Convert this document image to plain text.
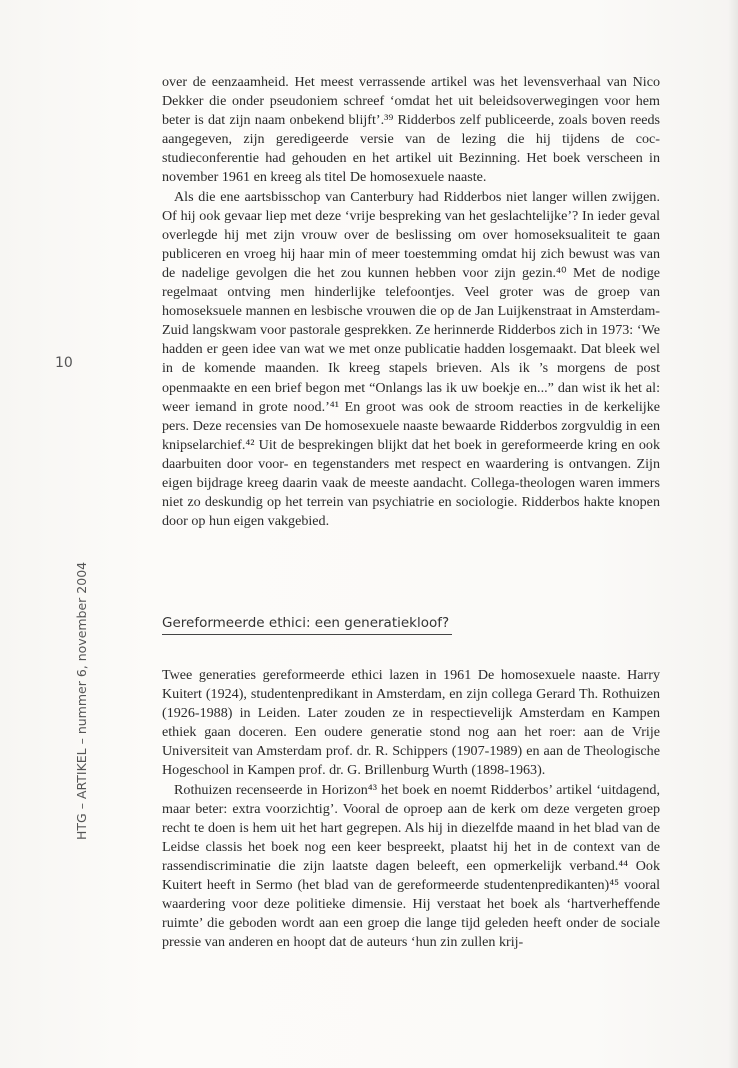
10
HTG – ARTIKEL – nummer 6, november 2004

over de eenzaamheid. Het meest verrassende artikel was het levensverhaal van Nico Dekker die onder pseudoniem schreef ‘omdat het uit beleidsoverwegingen voor hem beter is dat zijn naam onbekend blijft’.³⁹ Ridderbos zelf publiceerde, zoals boven reeds aangegeven, zijn geredigeerde versie van de lezing die hij tijdens de coc-studieconferentie had gehouden en het artikel uit Bezinning. Het boek verscheen in november 1961 en kreeg als titel De homosexuele naaste.

Als die ene aartsbisschop van Canterbury had Ridderbos niet langer willen zwijgen. Of hij ook gevaar liep met deze ‘vrije bespreking van het geslachtelijke’? In ieder geval overlegde hij met zijn vrouw over de beslissing om over homoseksualiteit te gaan publiceren en vroeg hij haar min of meer toestemming omdat hij zich bewust was van de nadelige gevolgen die het zou kunnen hebben voor zijn gezin.⁴⁰ Met de nodige regelmaat ontving men hinderlijke telefoontjes. Veel groter was de groep van homoseksuele mannen en lesbische vrouwen die op de Jan Luijkenstraat in Amsterdam-Zuid langskwam voor pastorale gesprekken. Ze herinnerde Ridderbos zich in 1973: ‘We hadden er geen idee van wat we met onze publicatie hadden losgemaakt. Dat bleek wel in de komende maanden. Ik kreeg stapels brieven. Als ik ’s morgens de post openmaakte en een brief begon met “Onlangs las ik uw boekje en...” dan wist ik het al: weer iemand in grote nood.’⁴¹ En groot was ook de stroom reacties in de kerkelijke pers. Deze recensies van De homosexuele naaste bewaarde Ridderbos zorgvuldig in een knipselarchief.⁴² Uit de besprekingen blijkt dat het boek in gereformeerde kring en ook daarbuiten door voor- en tegenstanders met respect en waardering is ontvangen. Zijn eigen bijdrage kreeg daarin vaak de meeste aandacht. Collega-theologen waren immers niet zo deskundig op het terrein van psychiatrie en sociologie. Ridderbos hakte knopen door op hun eigen vakgebied.

Gereformeerde ethici: een generatiekloof?

Twee generaties gereformeerde ethici lazen in 1961 De homosexuele naaste. Harry Kuitert (1924), studentenpredikant in Amsterdam, en zijn collega Gerard Th. Rothuizen (1926-1988) in Leiden. Later zouden ze in respectievelijk Amsterdam en Kampen ethiek gaan doceren. Een oudere generatie stond nog aan het roer: aan de Vrije Universiteit van Amsterdam prof. dr. R. Schippers (1907-1989) en aan de Theologische Hogeschool in Kampen prof. dr. G. Brillenburg Wurth (1898-1963).

Rothuizen recenseerde in Horizon⁴³ het boek en noemt Ridderbos’ artikel ‘uitdagend, maar beter: extra voorzichtig’. Vooral de oproep aan de kerk om deze vergeten groep recht te doen is hem uit het hart gegrepen. Als hij in diezelfde maand in het blad van de Leidse classis het boek nog een keer bespreekt, plaatst hij het in de context van de rassendiscriminatie die zijn laatste dagen beleeft, een opmerkelijk verband.⁴⁴ Ook Kuitert heeft in Sermo (het blad van de gereformeerde studentenpredikanten)⁴⁵ vooral waardering voor deze politieke dimensie. Hij verstaat het boek als ‘hartverheffende ruimte’ die geboden wordt aan een groep die lange tijd geleden heeft onder de sociale pressie van anderen en hoopt dat de auteurs ‘hun zin zullen krij-
